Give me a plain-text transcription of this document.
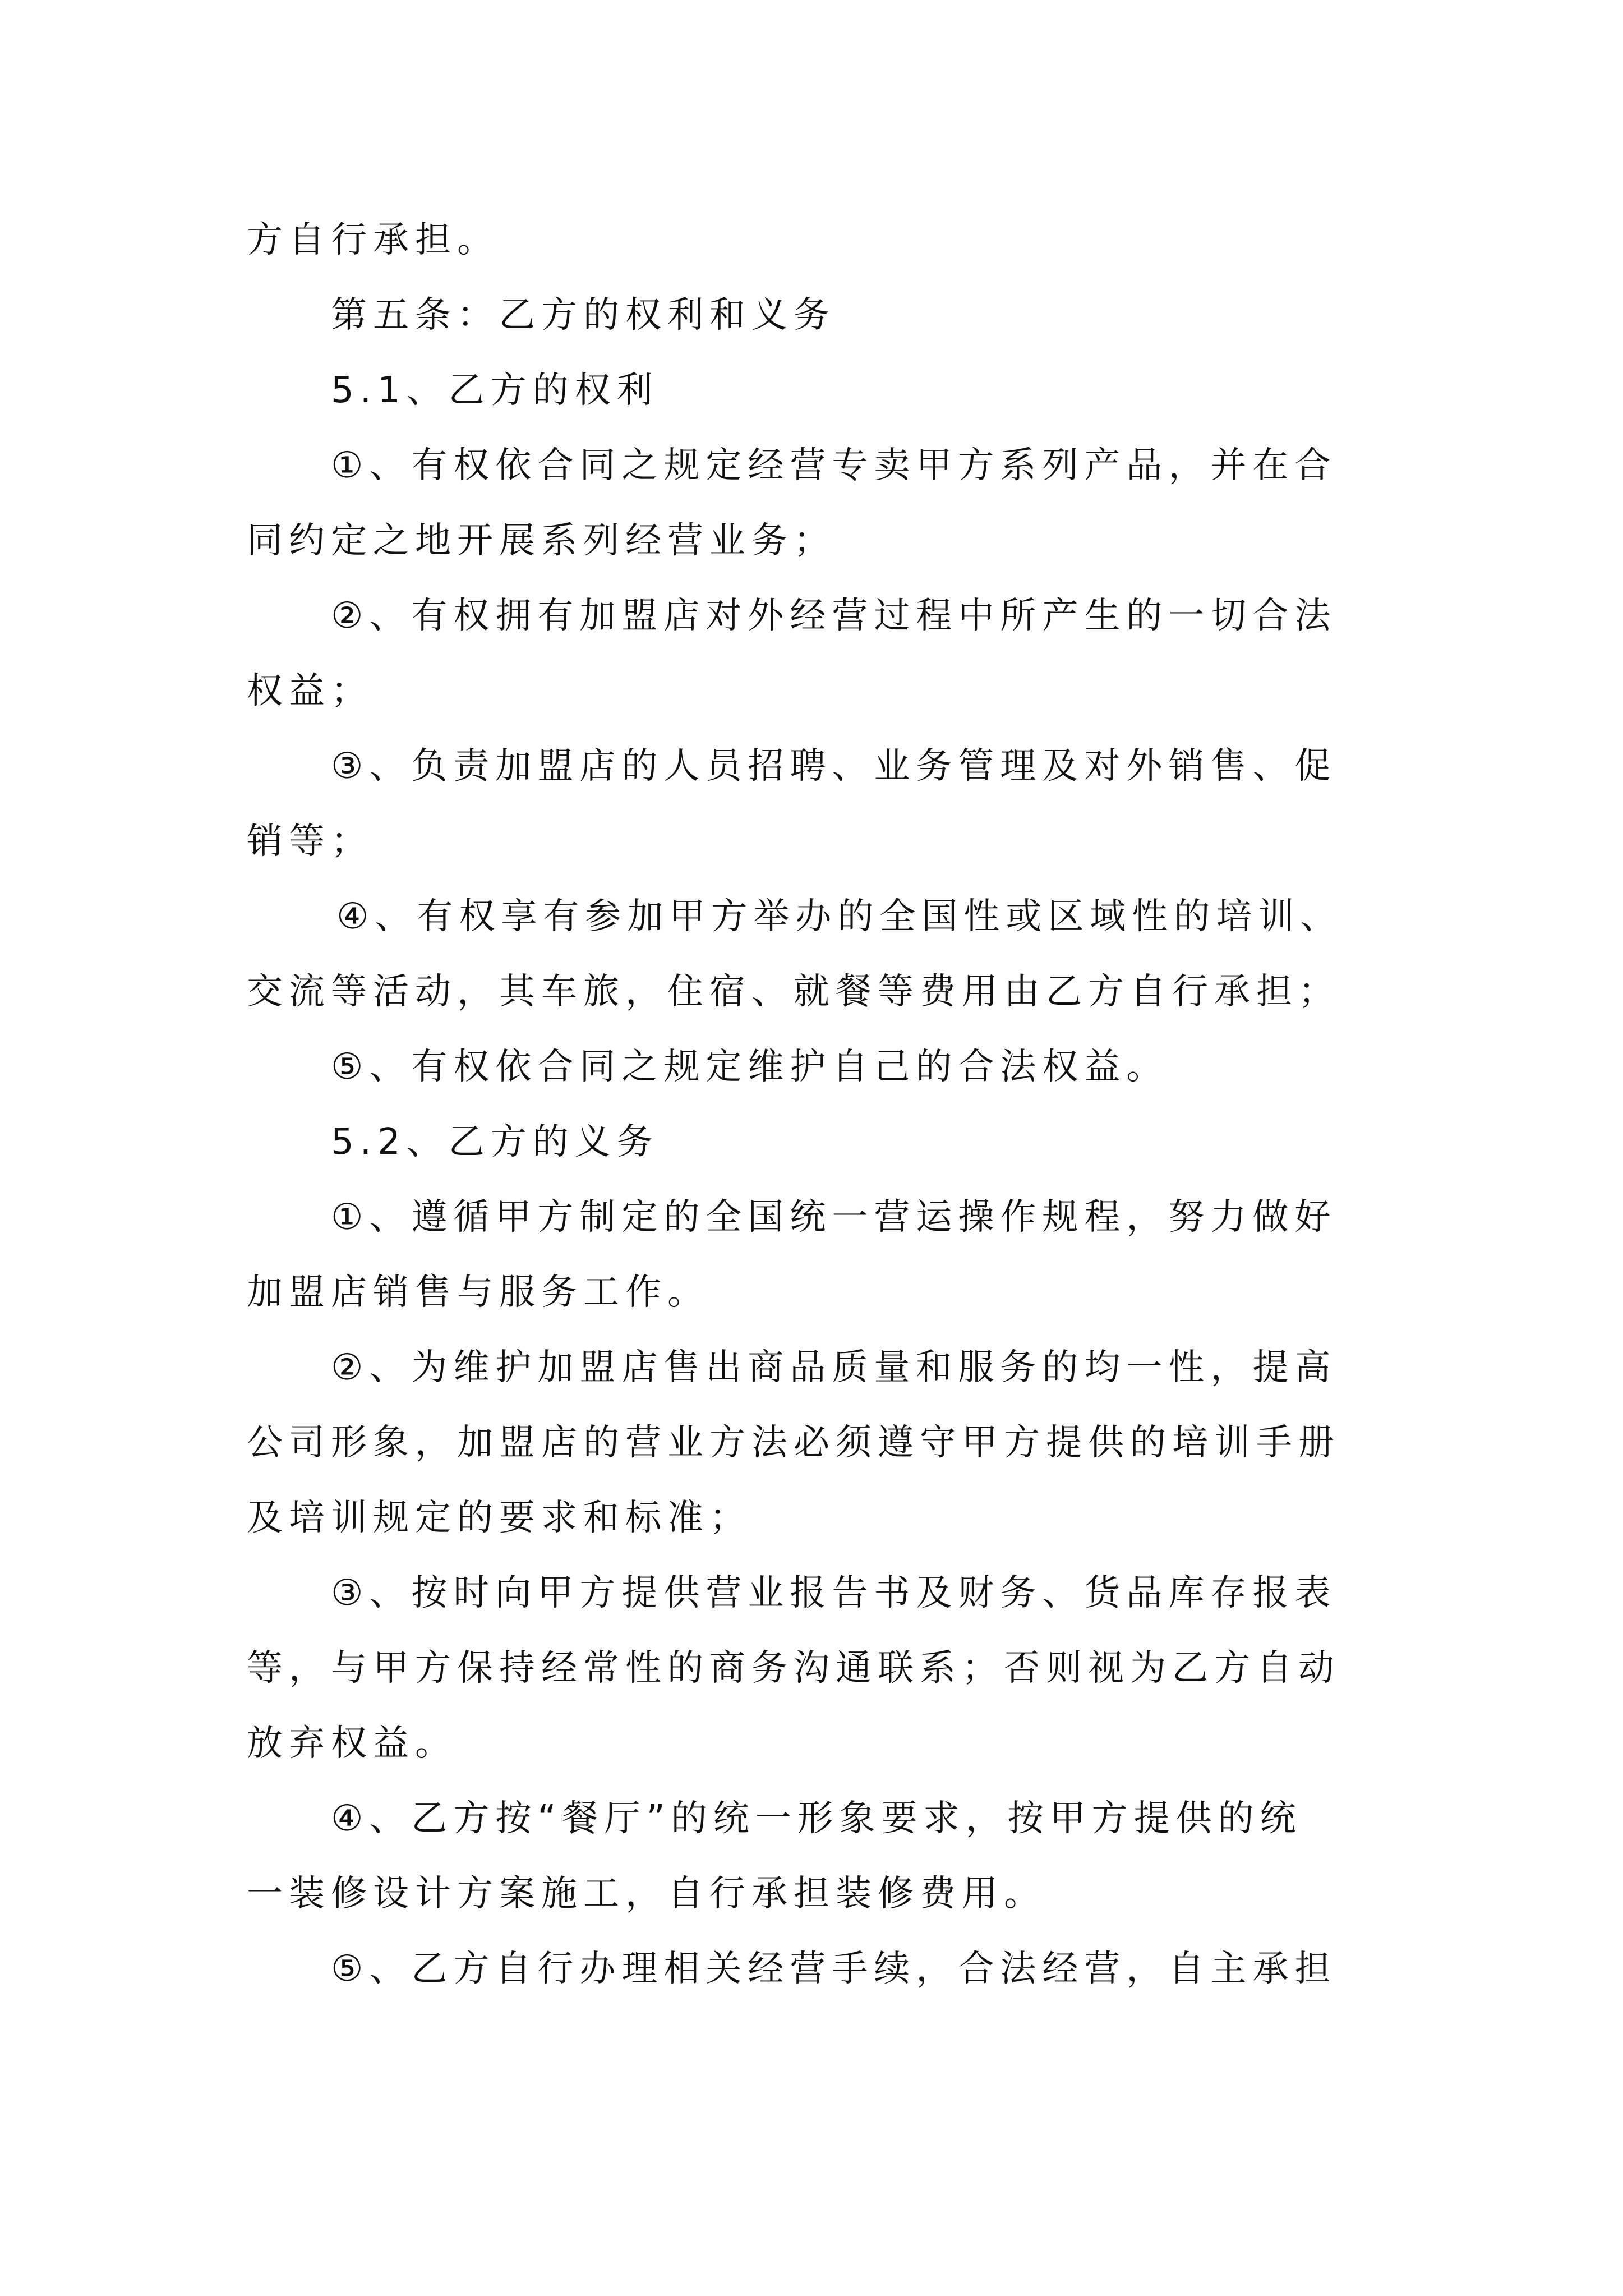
方自行承担。

第五条：乙方的权利和义务

5.1、乙方的权利

①、有权依合同之规定经营专卖甲方系列产品，并在合

同约定之地开展系列经营业务；

②、有权拥有加盟店对外经营过程中所产生的一切合法

权益；

③、负责加盟店的人员招聘、业务管理及对外销售、促

销等；

④、有权享有参加甲方举办的全国性或区域性的培训、

交流等活动，其车旅，住宿、就餐等费用由乙方自行承担；

⑤、有权依合同之规定维护自己的合法权益。

5.2、乙方的义务

①、遵循甲方制定的全国统一营运操作规程，努力做好

加盟店销售与服务工作。

②、为维护加盟店售出商品质量和服务的均一性，提高

公司形象，加盟店的营业方法必须遵守甲方提供的培训手册

及培训规定的要求和标准；

③、按时向甲方提供营业报告书及财务、货品库存报表

等，与甲方保持经常性的商务沟通联系；否则视为乙方自动

放弃权益。

④、乙方按“餐厅”的统一形象要求，按甲方提供的统

一装修设计方案施工，自行承担装修费用。

⑤、乙方自行办理相关经营手续，合法经营，自主承担
